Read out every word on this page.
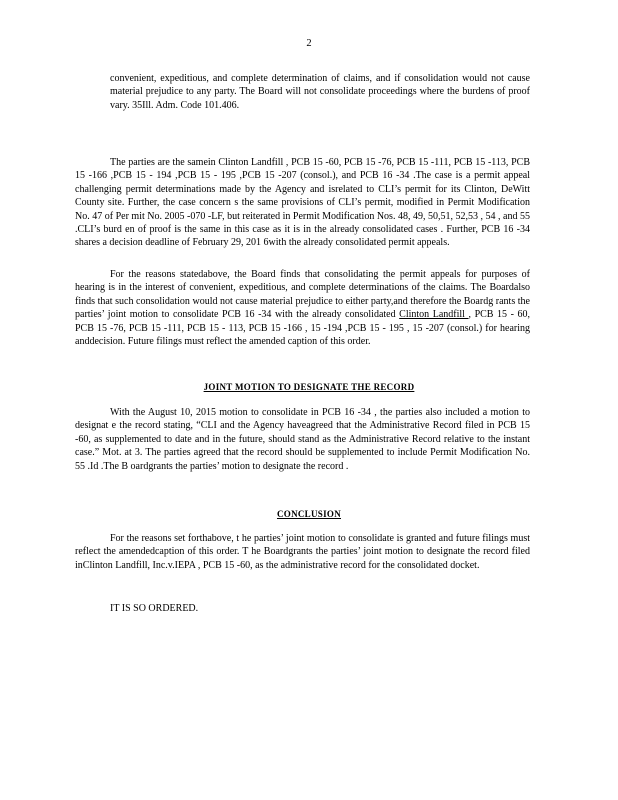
2

convenient, expeditious, and complete determination of claims, and if consolidation would not cause material prejudice to any party. The Board will not consolidate proceedings where the burdens of proof vary. 35Ill. Adm. Code 101.406.

The parties are the samein Clinton Landfill , PCB 15 -60, PCB 15 -76, PCB 15 -111, PCB 15 -113, PCB 15 -166 ,PCB 15 - 194 ,PCB 15 - 195 ,PCB 15 -207 (consol.), and PCB 16 -34 .The case is a permit appeal challenging permit determinations made by the Agency and isrelated to CLI’s permit for its Clinton, DeWitt County site. Further, the case concern s the same provisions of CLI’s permit, modified in Permit Modification No. 47 of Per mit No. 2005 -070 -LF, but reiterated in Permit Modification Nos. 48, 49, 50,51, 52,53 , 54 , and 55 .CLI’s burd en of proof is the same in this case as it is in the already consolidated cases . Further, PCB 16 -34 shares a decision deadline of February 29, 201 6with the already consolidated permit appeals.

For the reasons statedabove, the Board finds that consolidating the permit appeals for purposes of hearing is in the interest of convenient, expeditious, and complete determinations of the claims. The Boardalso finds that such consolidation would not cause material prejudice to either party,and therefore the Boardg rants the parties’ joint motion to consolidate PCB 16 -34 with the already consolidated Clinton Landfill , PCB 15 - 60, PCB 15 -76, PCB 15 -111, PCB 15 - 113, PCB 15 -166 , 15 -194 ,PCB 15 - 195 , 15 -207 (consol.) for hearing anddecision. Future filings must reflect the amended caption of this order.

JOINT MOTION TO DESIGNATE THE RECORD

With the August 10, 2015 motion to consolidate in PCB 16 -34 , the parties also included a motion to designat e the record stating, “CLI and the Agency haveagreed that the Administrative Record filed in PCB 15 -60, as supplemented to date and in the future, should stand as the Administrative Record relative to the instant case.” Mot. at 3. The parties agreed that the record should be supplemented to include Permit Modification No. 55 .Id .The B oardgrants the parties’ motion to designate the record .

CONCLUSION

For the reasons set forthabove, t he parties’ joint motion to consolidate is granted and future filings must reflect the amendedcaption of this order. T he Boardgrants the parties’ joint motion to designate the record filed inClinton Landfill, Inc.v.IEPA , PCB 15 -60, as the administrative record for the consolidated docket.

IT IS SO ORDERED.
